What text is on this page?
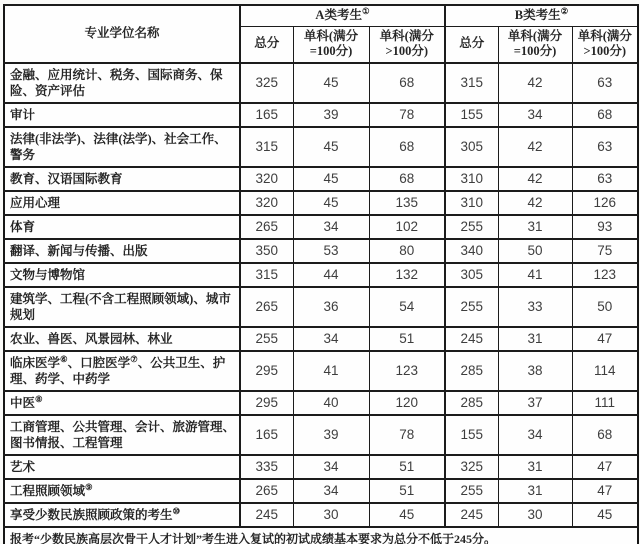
专业学位名称	A类考生①			B类考生②
	总分	单科(满分 =100分)	单科(满分 >100分)	总分	单科(满分 =100分)	单科(满分 >100分)
金融、应用统计、税务、国际商务、保险、资产评估	325	45	68	315	42	63
审计	165	39	78	155	34	68
法律(非法学)、法律(法学)、社会工作、警务	315	45	68	305	42	63
教育、汉语国际教育	320	45	68	310	42	63
应用心理	320	45	135	310	42	126
体育	265	34	102	255	31	93
翻译、新闻与传播、出版	350	53	80	340	50	75
文物与博物馆	315	44	132	305	41	123
建筑学、工程(不含工程照顾领域)、城市规划	265	36	54	255	33	50
农业、兽医、风景园林、林业	255	34	51	245	31	47
临床医学⑥、口腔医学⑦、公共卫生、护理、药学、中药学	295	41	123	285	38	114
中医⑧	295	40	120	285	37	111
工商管理、公共管理、会计、旅游管理、图书情报、工程管理	165	39	78	155	34	68
艺术	335	34	51	325	31	47
工程照顾领域⑨	265	34	51	255	31	47
享受少数民族照顾政策的考生⑩	245	30	45	245	30	45
报考“少数民族高层次骨干人才计划”考生进入复试的初试成绩基本要求为总分不低于245分。						
